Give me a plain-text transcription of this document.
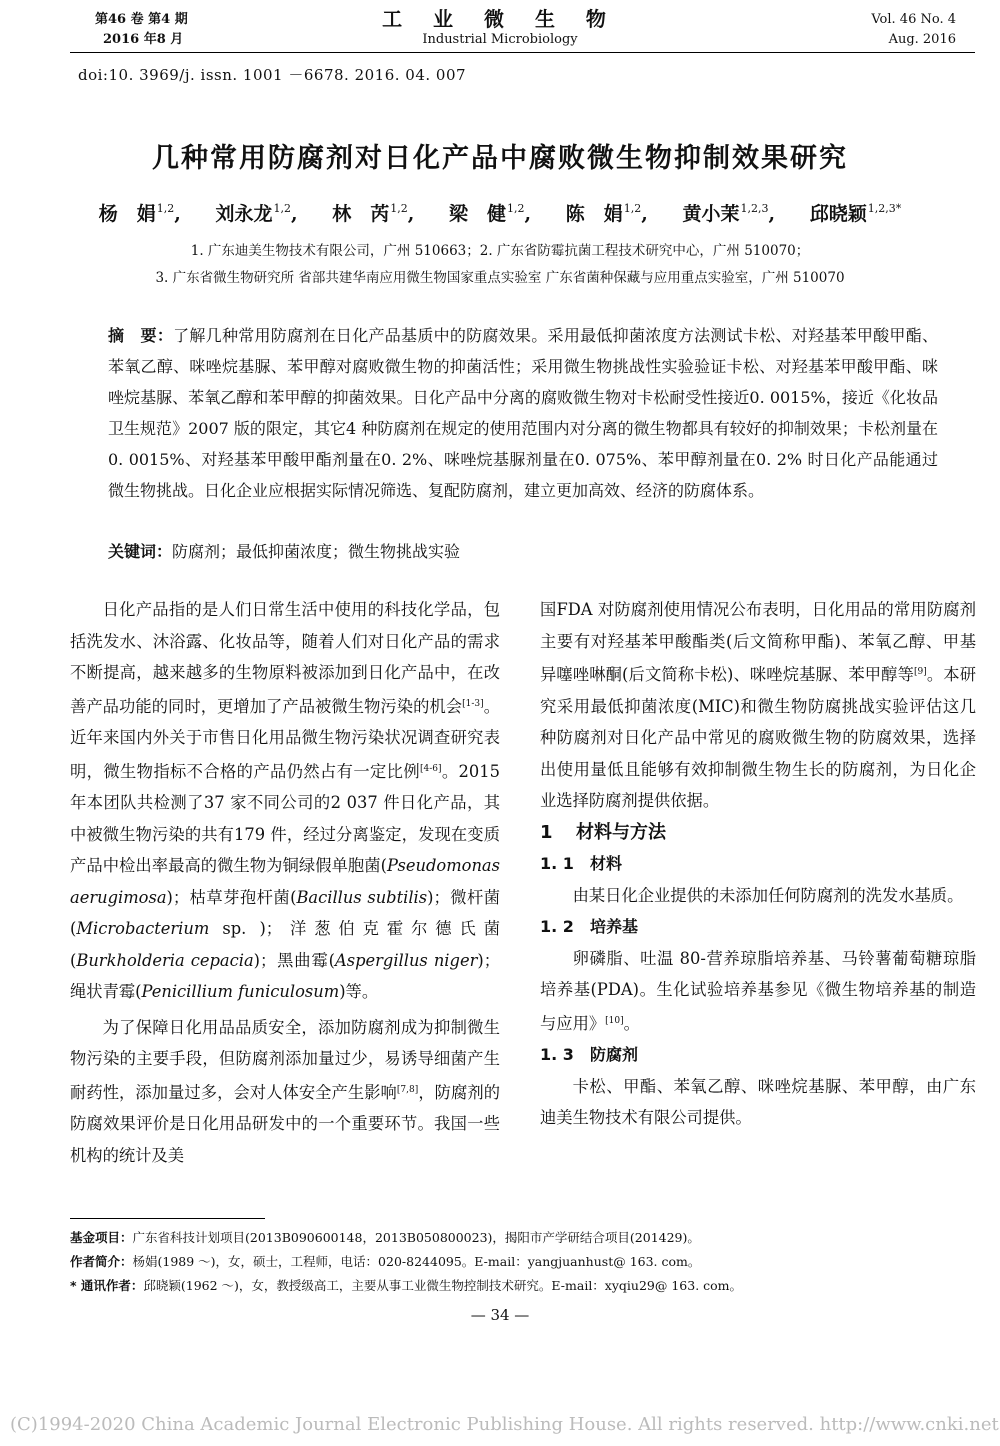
第46 卷 第4 期
2016 年8 月
工 业 微 生 物
Industrial Microbiology
Vol. 46 No. 4
Aug. 2016
doi:10. 3969/j. issn. 1001 －6678. 2016. 04. 007
几种常用防腐剂对日化产品中腐败微生物抑制效果研究
杨　娟$^{1,2}$, 刘永龙$^{1,2}$, 林　芮$^{1,2}$, 梁　健$^{1,2}$, 陈　娟$^{1,2}$, 黄小茉$^{1,2,3}$, 邱晓颖$^{1,2,3*}$
1. 广东迪美生物技术有限公司，广州 510663；2. 广东省防霉抗菌工程技术研究中心，广州 510070；
3. 广东省微生物研究所 省部共建华南应用微生物国家重点实验室 广东省菌种保藏与应用重点实验室，广州 510070
摘　要：了解几种常用防腐剂在日化产品基质中的防腐效果。采用最低抑菌浓度方法测试卡松、对羟基苯甲酸甲酯、苯氧乙醇、咪唑烷基脲、苯甲醇对腐败微生物的抑菌活性；采用微生物挑战性实验验证卡松、对羟基苯甲酸甲酯、咪唑烷基脲、苯氧乙醇和苯甲醇的抑菌效果。日化产品中分离的腐败微生物对卡松耐受性接近0. 0015%，接近《化妆品卫生规范》2007 版的限定，其它4 种防腐剂在规定的使用范围内对分离的微生物都具有较好的抑制效果；卡松剂量在0. 0015%、对羟基苯甲酸甲酯剂量在0. 2%、咪唑烷基脲剂量在0. 075%、苯甲醇剂量在0. 2% 时日化产品能通过微生物挑战。日化企业应根据实际情况筛选、复配防腐剂，建立更加高效、经济的防腐体系。
关键词：防腐剂；最低抑菌浓度；微生物挑战实验

日化产品指的是人们日常生活中使用的科技化学品，包括洗发水、沐浴露、化妆品等，随着人们对日化产品的需求不断提高，越来越多的生物原料被添加到日化产品中，在改善产品功能的同时，更增加了产品被微生物污染的机会[1-3]。近年来国内外关于市售日化用品微生物污染状况调查研究表明，微生物指标不合格的产品仍然占有一定比例[4-6]。2015 年本团队共检测了37 家不同公司的2 037 件日化产品，其中被微生物污染的共有179 件，经过分离鉴定，发现在变质产品中检出率最高的微生物为铜绿假单胞菌(Pseudomonas aerugimosa)；枯草芽孢杆菌(Bacillus subtilis)；微杆菌(Microbacterium sp. )；洋葱伯克霍尔德氏菌(Burkholderia cepacia)；黑曲霉(Aspergillus niger)；绳状青霉(Penicillium funiculosum)等。

为了保障日化用品品质安全，添加防腐剂成为抑制微生物污染的主要手段，但防腐剂添加量过少，易诱导细菌产生耐药性，添加量过多，会对人体安全产生影响[7,8]，防腐剂的防腐效果评价是日化用品研发中的一个重要环节。我国一些机构的统计及美

国FDA 对防腐剂使用情况公布表明，日化用品的常用防腐剂主要有对羟基苯甲酸酯类(后文简称甲酯)、苯氧乙醇、甲基异噻唑啉酮(后文简称卡松)、咪唑烷基脲、苯甲醇等[9]。本研究采用最低抑菌浓度(MIC)和微生物防腐挑战实验评估这几种防腐剂对日化产品中常见的腐败微生物的防腐效果，选择出使用量低且能够有效抑制微生物生长的防腐剂，为日化企业选择防腐剂提供依据。

1 材料与方法

1. 1 材料

由某日化企业提供的未添加任何防腐剂的洗发水基质。

1. 2 培养基

卵磷脂、吐温 80-营养琼脂培养基、马铃薯葡萄糖琼脂培养基(PDA)。生化试验培养基参见《微生物培养基的制造与应用》[10]。

1. 3 防腐剂

卡松、甲酯、苯氧乙醇、咪唑烷基脲、苯甲醇，由广东迪美生物技术有限公司提供。

基金项目：广东省科技计划项目(2013B090600148，2013B050800023)，揭阳市产学研结合项目(201429)。
作者简介：杨娟(1989 ～)，女，硕士，工程师，电话：020-8244095。E-mail：yangjuanhust@ 163. com。
* 通讯作者：邱晓颖(1962 ～)，女，教授级高工，主要从事工业微生物控制技术研究。E-mail：xyqiu29@ 163. com。
— 34 —
(C)1994-2020 China Academic Journal Electronic Publishing House. All rights reserved. http://www.cnki.net
